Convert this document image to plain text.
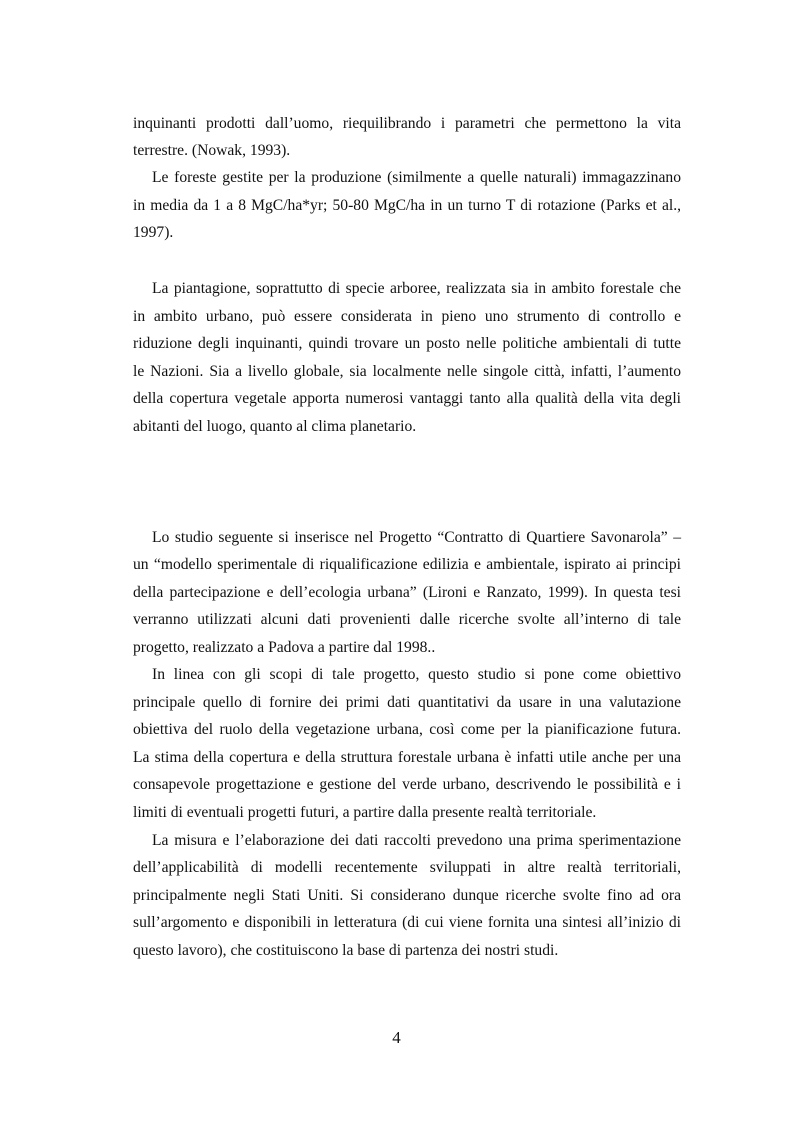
inquinanti prodotti dall’uomo, riequilibrando i parametri che permettono la vita
terrestre. (Nowak, 1993).
Le foreste gestite per la produzione (similmente a quelle naturali) immagazzinano
in media da 1 a 8 MgC/ha*yr; 50-80 MgC/ha in un turno T di rotazione (Parks et al.,
1997).
La piantagione, soprattutto di specie arboree, realizzata sia in ambito forestale che
in ambito urbano, può essere considerata in pieno uno strumento di controllo e
riduzione degli inquinanti, quindi trovare un posto nelle politiche ambientali di tutte
le Nazioni. Sia a livello globale, sia localmente nelle singole città, infatti, l’aumento
della copertura vegetale apporta numerosi vantaggi tanto alla qualità della vita degli
abitanti del luogo, quanto al clima planetario.
Lo studio seguente si inserisce nel Progetto “Contratto di Quartiere Savonarola” –
un “modello sperimentale di riqualificazione edilizia e ambientale, ispirato ai principi
della partecipazione e dell’ecologia urbana” (Lironi e Ranzato, 1999). In questa tesi
verranno utilizzati alcuni dati provenienti dalle ricerche svolte all’interno di tale
progetto, realizzato a Padova a partire dal 1998..
In linea con gli scopi di tale progetto, questo studio si pone come obiettivo
principale quello di fornire dei primi dati quantitativi da usare in una valutazione
obiettiva del ruolo della vegetazione urbana, così come per la pianificazione futura.
La stima della copertura e della struttura forestale urbana è infatti utile anche per una
consapevole progettazione e gestione del verde urbano, descrivendo le possibilità e i
limiti di eventuali progetti futuri, a partire dalla presente realtà territoriale.
La misura e l’elaborazione dei dati raccolti prevedono una prima sperimentazione
dell’applicabilità di modelli recentemente sviluppati in altre realtà territoriali,
principalmente negli Stati Uniti. Si considerano dunque ricerche svolte fino ad ora
sull’argomento e disponibili in letteratura (di cui viene fornita una sintesi all’inizio di
questo lavoro), che costituiscono la base di partenza dei nostri studi.
4
